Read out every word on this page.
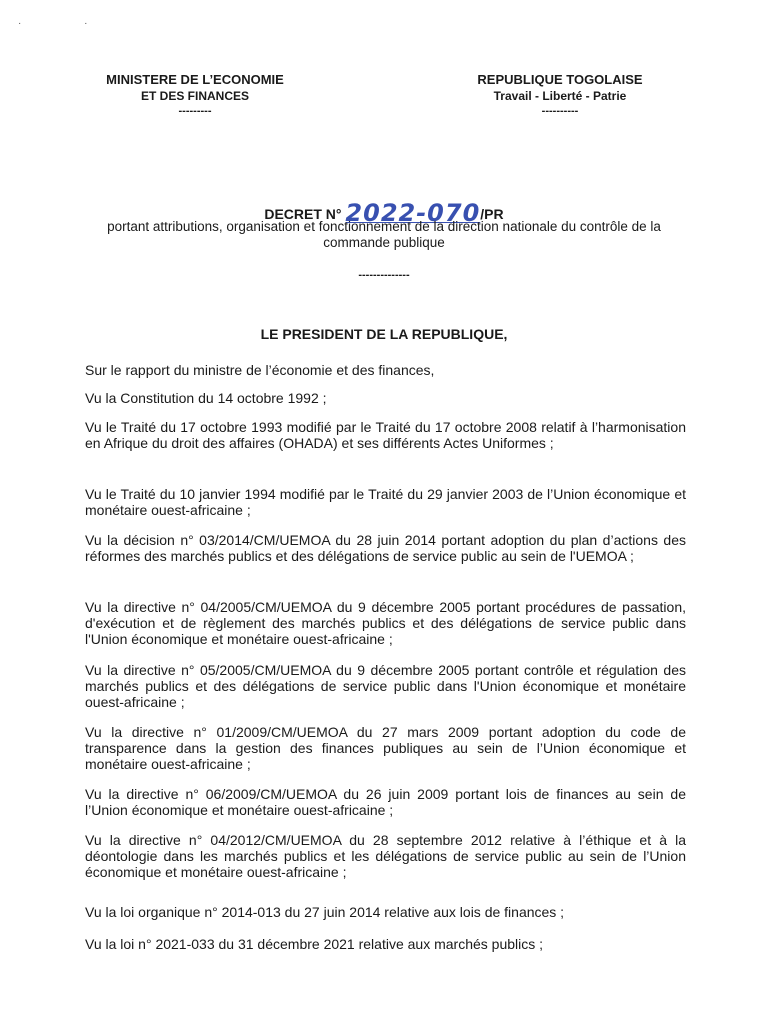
· ·
MINISTERE DE L’ECONOMIE
ET DES FINANCES
---------
REPUBLIQUE TOGOLAISE
Travail - Liberté - Patrie
----------
DECRET N° 2022-070/PR
portant attributions, organisation et fonctionnement de la direction nationale du contrôle de la commande publique
--------------
LE PRESIDENT DE LA REPUBLIQUE,
Sur le rapport du ministre de l’économie et des finances,
Vu la Constitution du 14 octobre 1992 ;
Vu le Traité du 17 octobre 1993 modifié par le Traité du 17 octobre 2008 relatif à l’harmonisation en Afrique du droit des affaires (OHADA) et ses différents Actes Uniformes ;
Vu le Traité du 10 janvier 1994 modifié par le Traité du 29 janvier 2003 de l’Union économique et monétaire ouest-africaine ;
Vu la décision n° 03/2014/CM/UEMOA du 28 juin 2014 portant adoption du plan d’actions des réformes des marchés publics et des délégations de service public au sein de l'UEMOA ;
Vu la directive n° 04/2005/CM/UEMOA du 9 décembre 2005 portant procédures de passation, d'exécution et de règlement des marchés publics et des délégations de service public dans l'Union économique et monétaire ouest-africaine ;
Vu la directive n° 05/2005/CM/UEMOA du 9 décembre 2005 portant contrôle et régulation des marchés publics et des délégations de service public dans l'Union économique et monétaire ouest-africaine ;
Vu la directive n° 01/2009/CM/UEMOA du 27 mars 2009 portant adoption du code de transparence dans la gestion des finances publiques au sein de l’Union économique et monétaire ouest-africaine ;
Vu la directive n° 06/2009/CM/UEMOA du 26 juin 2009 portant lois de finances au sein de l’Union économique et monétaire ouest-africaine ;
Vu la directive n° 04/2012/CM/UEMOA du 28 septembre 2012 relative à l’éthique et à la déontologie dans les marchés publics et les délégations de service public au sein de l’Union économique et monétaire ouest-africaine ;
Vu la loi organique n° 2014-013 du 27 juin 2014 relative aux lois de finances ;
Vu la loi n° 2021-033 du 31 décembre 2021 relative aux marchés publics ;
